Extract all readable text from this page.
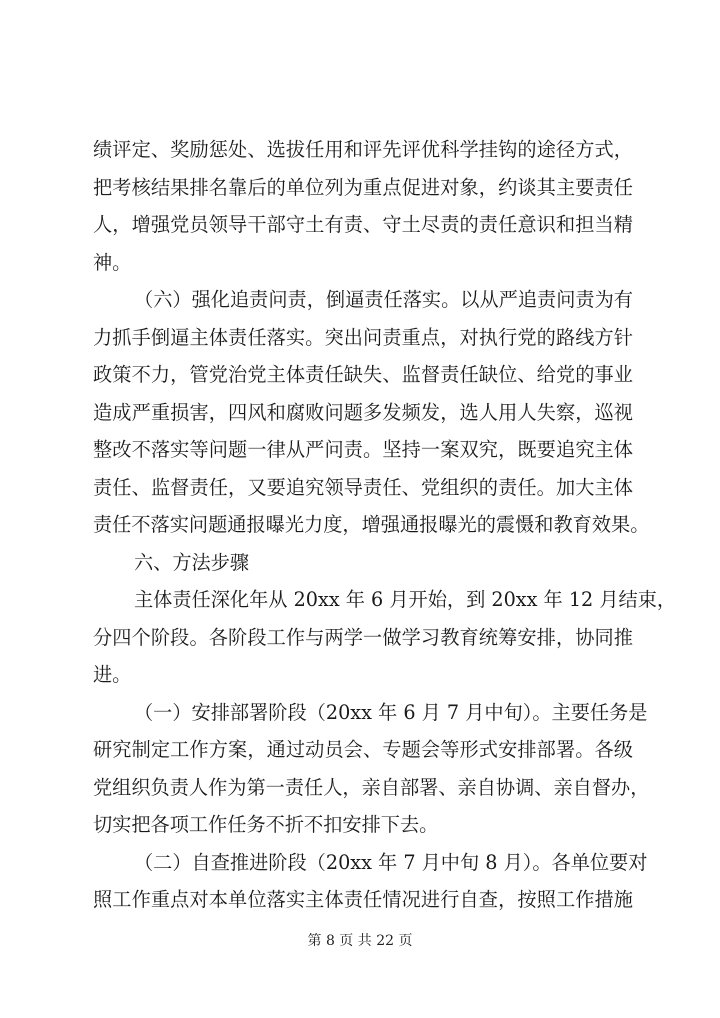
绩评定、奖励惩处、选拔任用和评先评优科学挂钩的途径方式，
把考核结果排名靠后的单位列为重点促进对象，约谈其主要责任
人，增强党员领导干部守土有责、守土尽责的责任意识和担当精
神。
（六）强化追责问责，倒逼责任落实。以从严追责问责为有
力抓手倒逼主体责任落实。突出问责重点，对执行党的路线方针
政策不力，管党治党主体责任缺失、监督责任缺位、给党的事业
造成严重损害，四风和腐败问题多发频发，选人用人失察，巡视
整改不落实等问题一律从严问责。坚持一案双究，既要追究主体
责任、监督责任，又要追究领导责任、党组织的责任。加大主体
责任不落实问题通报曝光力度，增强通报曝光的震慑和教育效果。
六、方法步骤
主体责任深化年从 20xx 年 6 月开始，到 20xx 年 12 月结束，
分四个阶段。各阶段工作与两学一做学习教育统筹安排，协同推
进。
（一）安排部署阶段（20xx 年 6 月 7 月中旬）。主要任务是
研究制定工作方案，通过动员会、专题会等形式安排部署。各级
党组织负责人作为第一责任人，亲自部署、亲自协调、亲自督办，
切实把各项工作任务不折不扣安排下去。
（二）自查推进阶段（20xx 年 7 月中旬 8 月）。各单位要对
照工作重点对本单位落实主体责任情况进行自查，按照工作措施
第 8 页 共 22 页
